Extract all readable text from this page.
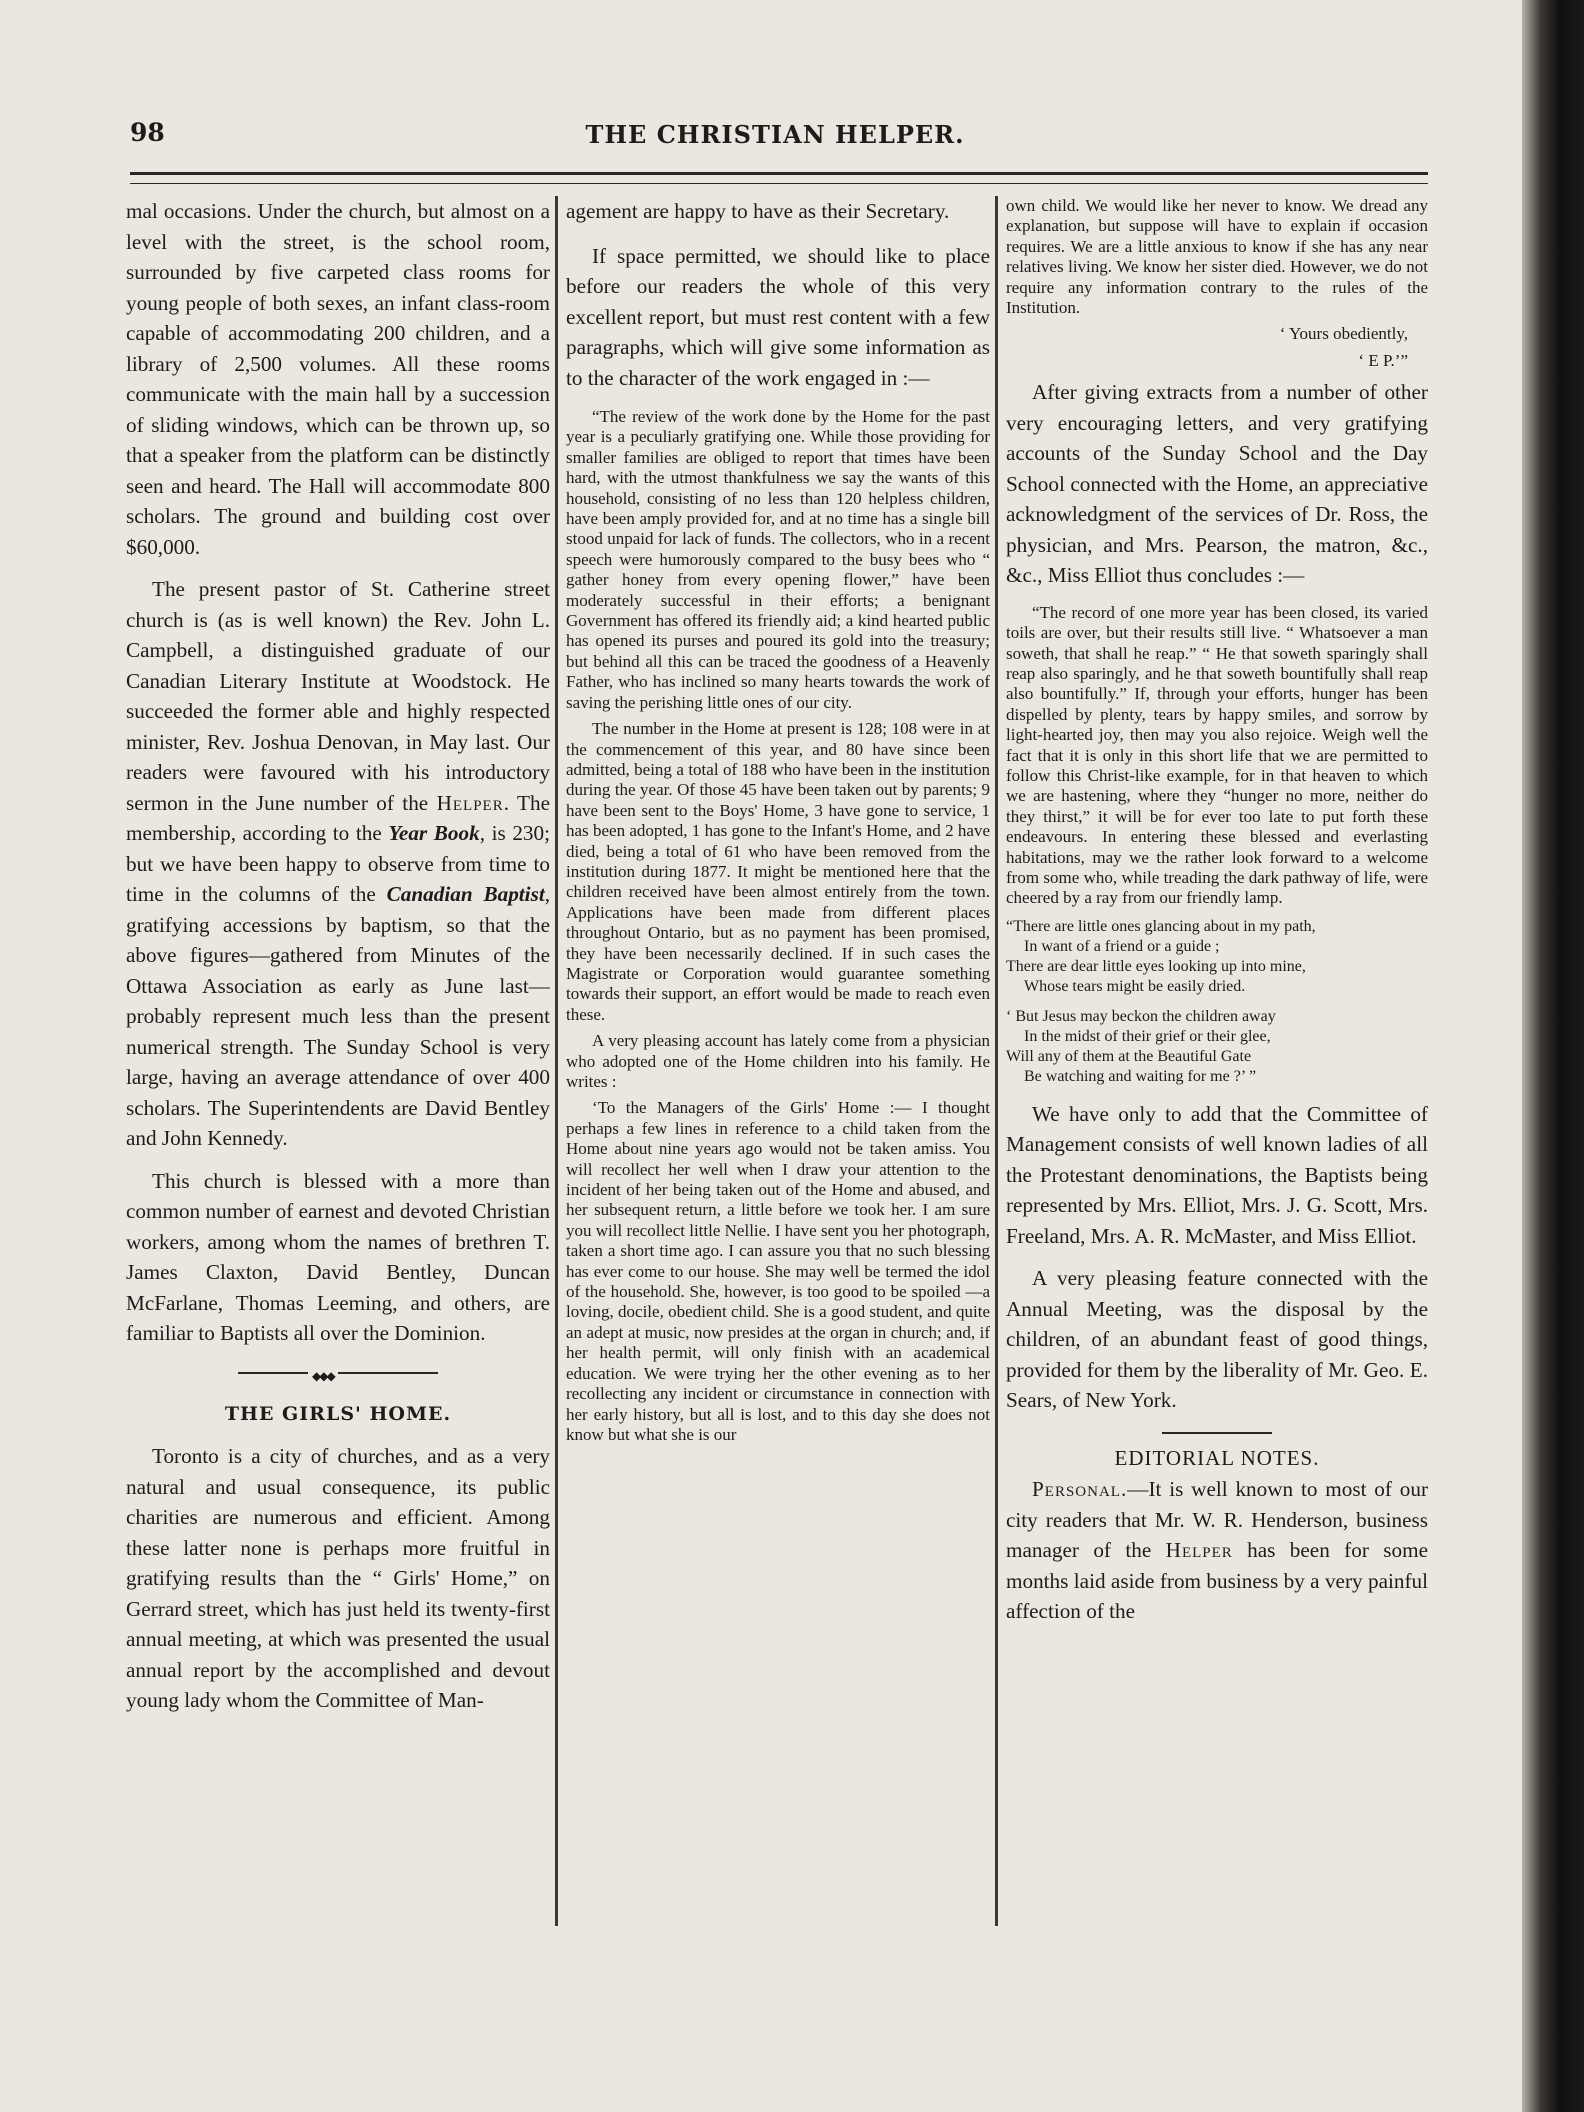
98	THE CHRISTIAN HELPER.

mal occasions. Under the church, but almost on a level with the street, is the school room, surrounded by five carpeted class rooms for young people of both sexes, an infant class-room capable of accommodating 200 children, and a library of 2,500 volumes. All these rooms communicate with the main hall by a succession of sliding windows, which can be thrown up, so that a speaker from the platform can be distinctly seen and heard. The Hall will accommodate 800 scholars. The ground and building cost over $60,000.

The present pastor of St. Catherine street church is (as is well known) the Rev. John L. Campbell, a distinguished graduate of our Canadian Literary Institute at Woodstock. He succeeded the former able and highly respected minister, Rev. Joshua Denovan, in May last. Our readers were favoured with his introductory sermon in the June number of the Helper. The membership, according to the Year Book, is 230; but we have been happy to observe from time to time in the columns of the Canadian Baptist, gratifying accessions by baptism, so that the above figures—gathered from Minutes of the Ottawa Association as early as June last—probably represent much less than the present numerical strength. The Sunday School is very large, having an average attendance of over 400 scholars. The Superintendents are David Bentley and John Kennedy.

This church is blessed with a more than common number of earnest and devoted Christian workers, among whom the names of brethren T. James Claxton, David Bentley, Duncan McFarlane, Thomas Leeming, and others, are familiar to Baptists all over the Dominion.

◆◆◆

THE GIRLS' HOME.

Toronto is a city of churches, and as a very natural and usual consequence, its public charities are numerous and efficient. Among these latter none is perhaps more fruitful in gratifying results than the “ Girls' Home,” on Gerrard street, which has just held its twenty-first annual meeting, at which was presented the usual annual report by the accomplished and devout young lady whom the Committee of Man-

agement are happy to have as their Secretary.

If space permitted, we should like to place before our readers the whole of this very excellent report, but must rest content with a few paragraphs, which will give some information as to the character of the work engaged in :—

“The review of the work done by the Home for the past year is a peculiarly gratifying one. While those providing for smaller families are obliged to report that times have been hard, with the utmost thankfulness we say the wants of this household, consisting of no less than 120 helpless children, have been amply provided for, and at no time has a single bill stood unpaid for lack of funds. The collectors, who in a recent speech were humorously compared to the busy bees who “ gather honey from every opening flower,” have been moderately successful in their efforts; a benignant Government has offered its friendly aid; a kind hearted public has opened its purses and poured its gold into the treasury; but behind all this can be traced the goodness of a Heavenly Father, who has inclined so many hearts towards the work of saving the perishing little ones of our city.

The number in the Home at present is 128; 108 were in at the commencement of this year, and 80 have since been admitted, being a total of 188 who have been in the institution during the year. Of those 45 have been taken out by parents; 9 have been sent to the Boys' Home, 3 have gone to service, 1 has been adopted, 1 has gone to the Infant's Home, and 2 have died, being a total of 61 who have been removed from the institution during 1877. It might be mentioned here that the children received have been almost entirely from the town. Applications have been made from different places throughout Ontario, but as no payment has been promised, they have been necessarily declined. If in such cases the Magistrate or Corporation would guarantee something towards their support, an effort would be made to reach even these.

A very pleasing account has lately come from a physician who adopted one of the Home children into his family. He writes :

‘To the Managers of the Girls' Home :— I thought perhaps a few lines in reference to a child taken from the Home about nine years ago would not be taken amiss. You will recollect her well when I draw your attention to the incident of her being taken out of the Home and abused, and her subsequent return, a little before we took her. I am sure you will recollect little Nellie. I have sent you her photograph, taken a short time ago. I can assure you that no such blessing has ever come to our house. She may well be termed the idol of the household. She, however, is too good to be spoiled —a loving, docile, obedient child. She is a good student, and quite an adept at music, now presides at the organ in church; and, if her health permit, will only finish with an academical education. We were trying her the other evening as to her recollecting any incident or circumstance in connection with her early history, but all is lost, and to this day she does not know but what she is our

own child. We would like her never to know. We dread any explanation, but suppose will have to explain if occasion requires. We are a little anxious to know if she has any near relatives living. We know her sister died. However, we do not require any information contrary to the rules of the Institution.

‘ Yours obediently,

‘ E P.’”

After giving extracts from a number of other very encouraging letters, and very gratifying accounts of the Sunday School and the Day School connected with the Home, an appreciative acknowledgment of the services of Dr. Ross, the physician, and Mrs. Pearson, the matron, &c., &c., Miss Elliot thus concludes :—

“The record of one more year has been closed, its varied toils are over, but their results still live. “ Whatsoever a man soweth, that shall he reap.” “ He that soweth sparingly shall reap also sparingly, and he that soweth bountifully shall reap also bountifully.” If, through your efforts, hunger has been dispelled by plenty, tears by happy smiles, and sorrow by light-hearted joy, then may you also rejoice. Weigh well the fact that it is only in this short life that we are permitted to follow this Christ-like example, for in that heaven to which we are hastening, where they “hunger no more, neither do they thirst,” it will be for ever too late to put forth these endeavours. In entering these blessed and everlasting habitations, may we the rather look forward to a welcome from some who, while treading the dark pathway of life, were cheered by a ray from our friendly lamp.

“There are little ones glancing about in my path,
In want of a friend or a guide ;
There are dear little eyes looking up into mine,
Whose tears might be easily dried.
‘ But Jesus may beckon the children away
In the midst of their grief or their glee,
Will any of them at the Beautiful Gate
Be watching and waiting for me ?’ ”

We have only to add that the Committee of Management consists of well known ladies of all the Protestant denominations, the Baptists being represented by Mrs. Elliot, Mrs. J. G. Scott, Mrs. Freeland, Mrs. A. R. McMaster, and Miss Elliot.

A very pleasing feature connected with the Annual Meeting, was the disposal by the children, of an abundant feast of good things, provided for them by the liberality of Mr. Geo. E. Sears, of New York.

EDITORIAL NOTES.

Personal.—It is well known to most of our city readers that Mr. W. R. Henderson, business manager of the Helper has been for some months laid aside from business by a very painful affection of the
